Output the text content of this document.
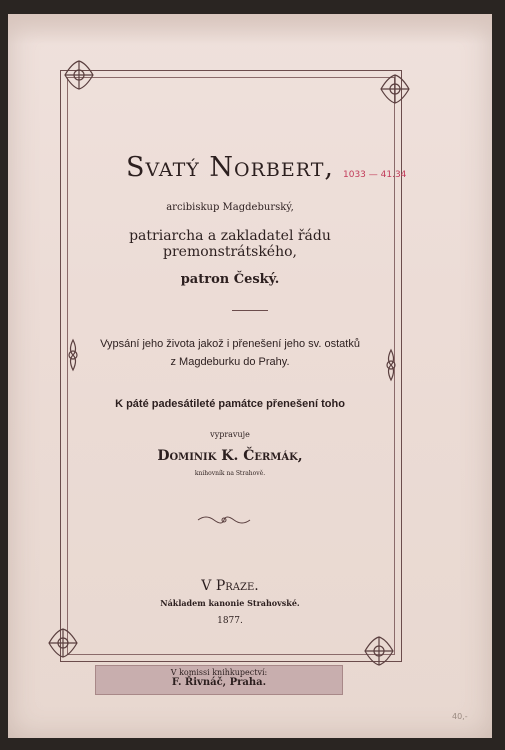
Svatý Norbert,	1033 — 41.34
arcibiskup Magdeburský,
patriarcha a zakladatel řádu premonstrátského,
patron Český.
Vypsání jeho života jakož i přenešení jeho sv. ostatků
z Magdeburku do Prahy.
K páté padesátileté památce přenešení toho
vypravuje
Dominik K. Čermák,
knihovník na Strahově.
V Praze.
Nákladem kanonie Strahovské.
1877.
V komissi knihkupectví:
F. Řivnáč, Praha.
40,-
